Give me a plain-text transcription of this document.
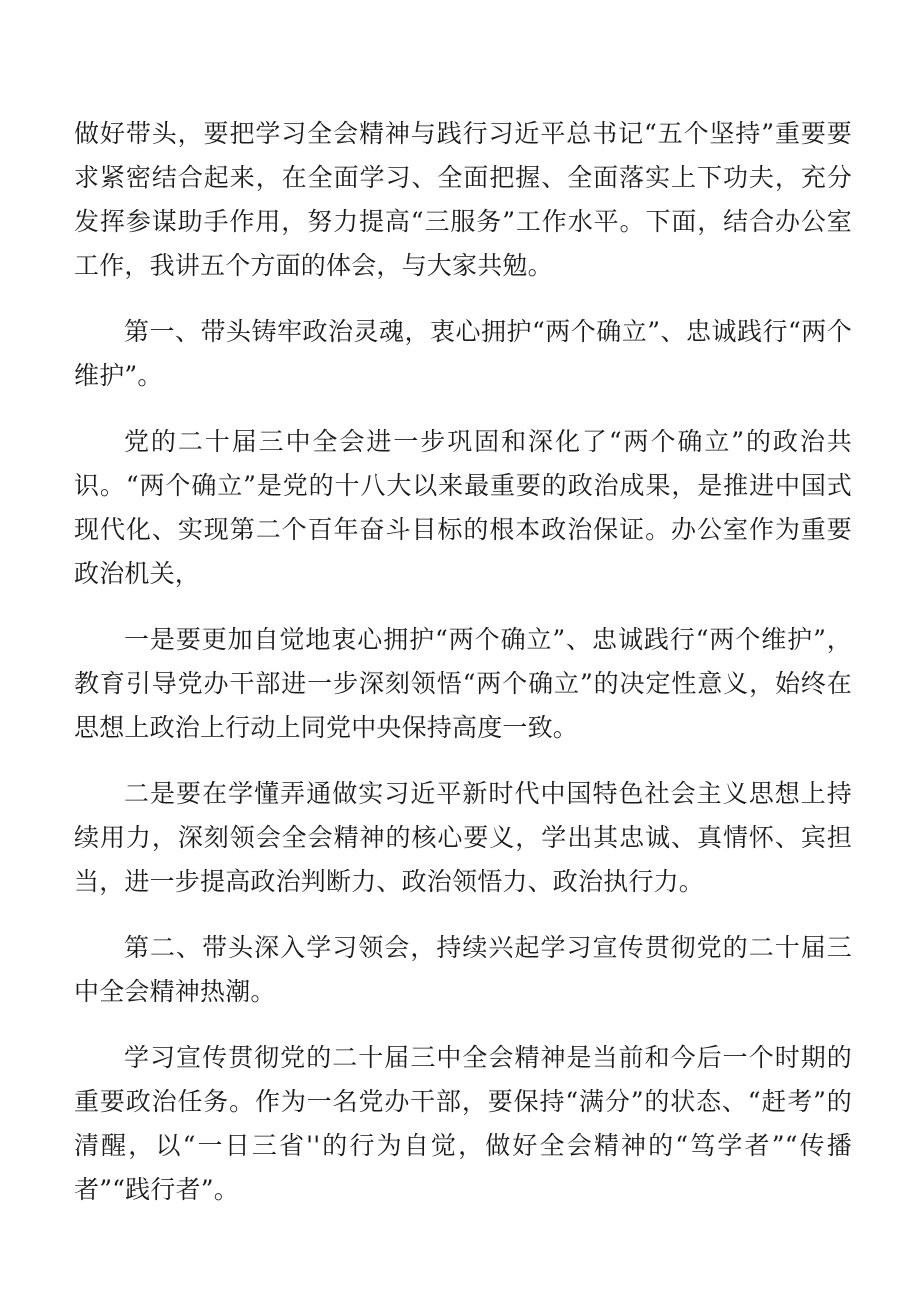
做好带头，要把学习全会精神与践行习近平总书记“五个坚持”重要要求紧密结合起来，在全面学习、全面把握、全面落实上下功夫，充分发挥参谋助手作用，努力提高“三服务”工作水平。下面，结合办公室工作，我讲五个方面的体会，与大家共勉。

第一、带头铸牢政治灵魂，衷心拥护“两个确立”、忠诚践行“两个维护”。

党的二十届三中全会进一步巩固和深化了“两个确立”的政治共识。“两个确立”是党的十八大以来最重要的政治成果，是推进中国式现代化、实现第二个百年奋斗目标的根本政治保证。办公室作为重要政治机关，

一是要更加自觉地衷心拥护“两个确立”、忠诚践行“两个维护”，教育引导党办干部进一步深刻领悟“两个确立”的决定性意义，始终在思想上政治上行动上同党中央保持高度一致。

二是要在学懂弄通做实习近平新时代中国特色社会主义思想上持续用力，深刻领会全会精神的核心要义，学出其忠诚、真情怀、宾担当，进一步提高政治判断力、政治领悟力、政治执行力。

第二、带头深入学习领会，持续兴起学习宣传贯彻党的二十届三中全会精神热潮。

学习宣传贯彻党的二十届三中全会精神是当前和今后一个时期的重要政治任务。作为一名党办干部，要保持“满分”的状态、“赶考”的清醒，以“一日三省''的行为自觉，做好全会精神的“笃学者”“传播者”“践行者”。
